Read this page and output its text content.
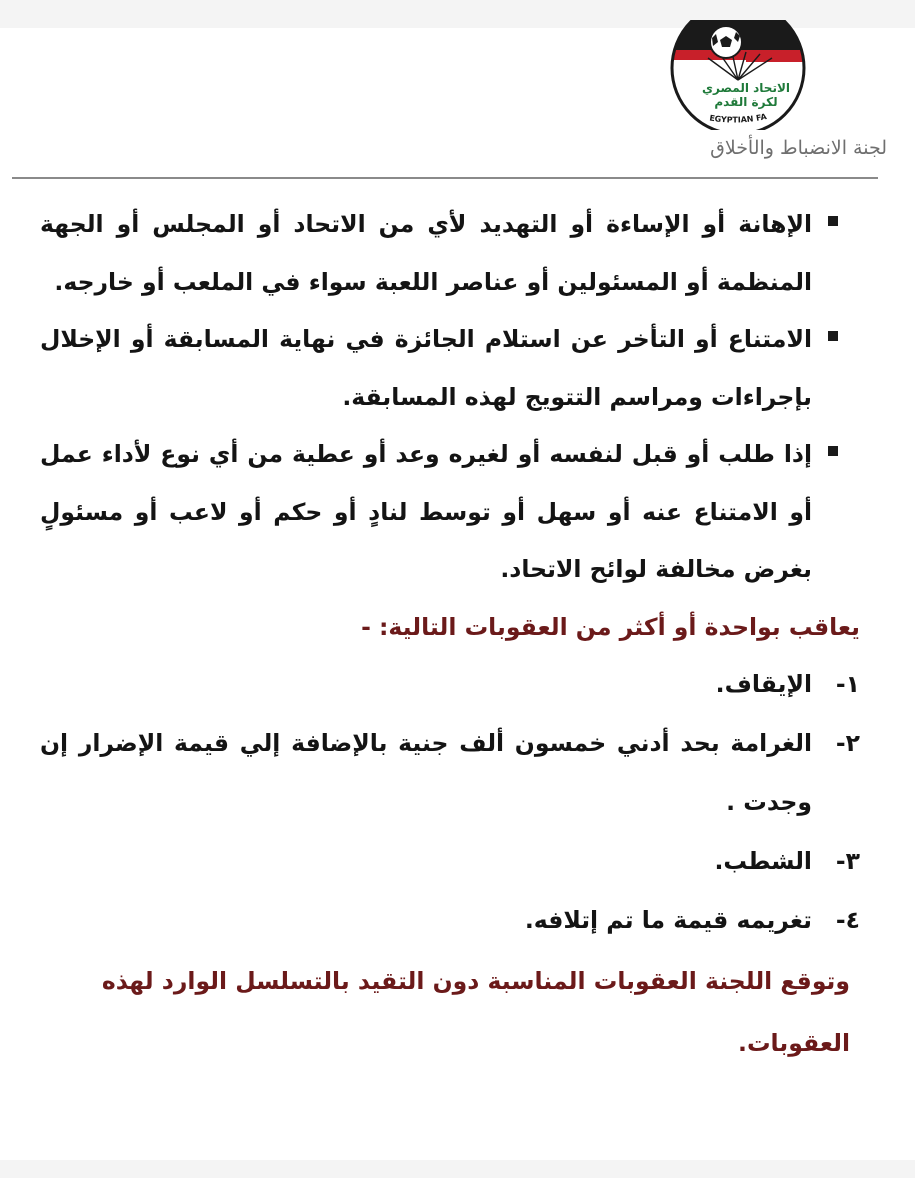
الاتحاد المصري
لكرة القدم
EGYPTIAN FA
لجنة الانضباط والأخلاق
الإهانة أو الإساءة أو التهديد لأي من الاتحاد أو المجلس أو الجهة المنظمة أو المسئولين أو عناصر اللعبة سواء في الملعب أو خارجه.
الامتناع أو التأخر عن استلام الجائزة في نهاية المسابقة أو الإخلال بإجراءات ومراسم التتويج لهذه المسابقة.
إذا طلب أو قبل لنفسه أو لغيره وعد أو عطية من أي نوع لأداء عمل أو الامتناع عنه أو سهل أو توسط لنادٍ أو حكم أو لاعب أو مسئولٍ بغرض مخالفة لوائح الاتحاد.
يعاقب بواحدة أو أكثر من العقوبات التالية: -
١-
الإيقاف.
٢-
الغرامة بحد أدني خمسون ألف جنية بالإضافة إلي قيمة الإضرار إن وجدت .
٣-
الشطب.
٤-
تغريمه قيمة ما تم إتلافه.
وتوقع اللجنة العقوبات المناسبة دون التقيد بالتسلسل الوارد لهذه العقوبات.
